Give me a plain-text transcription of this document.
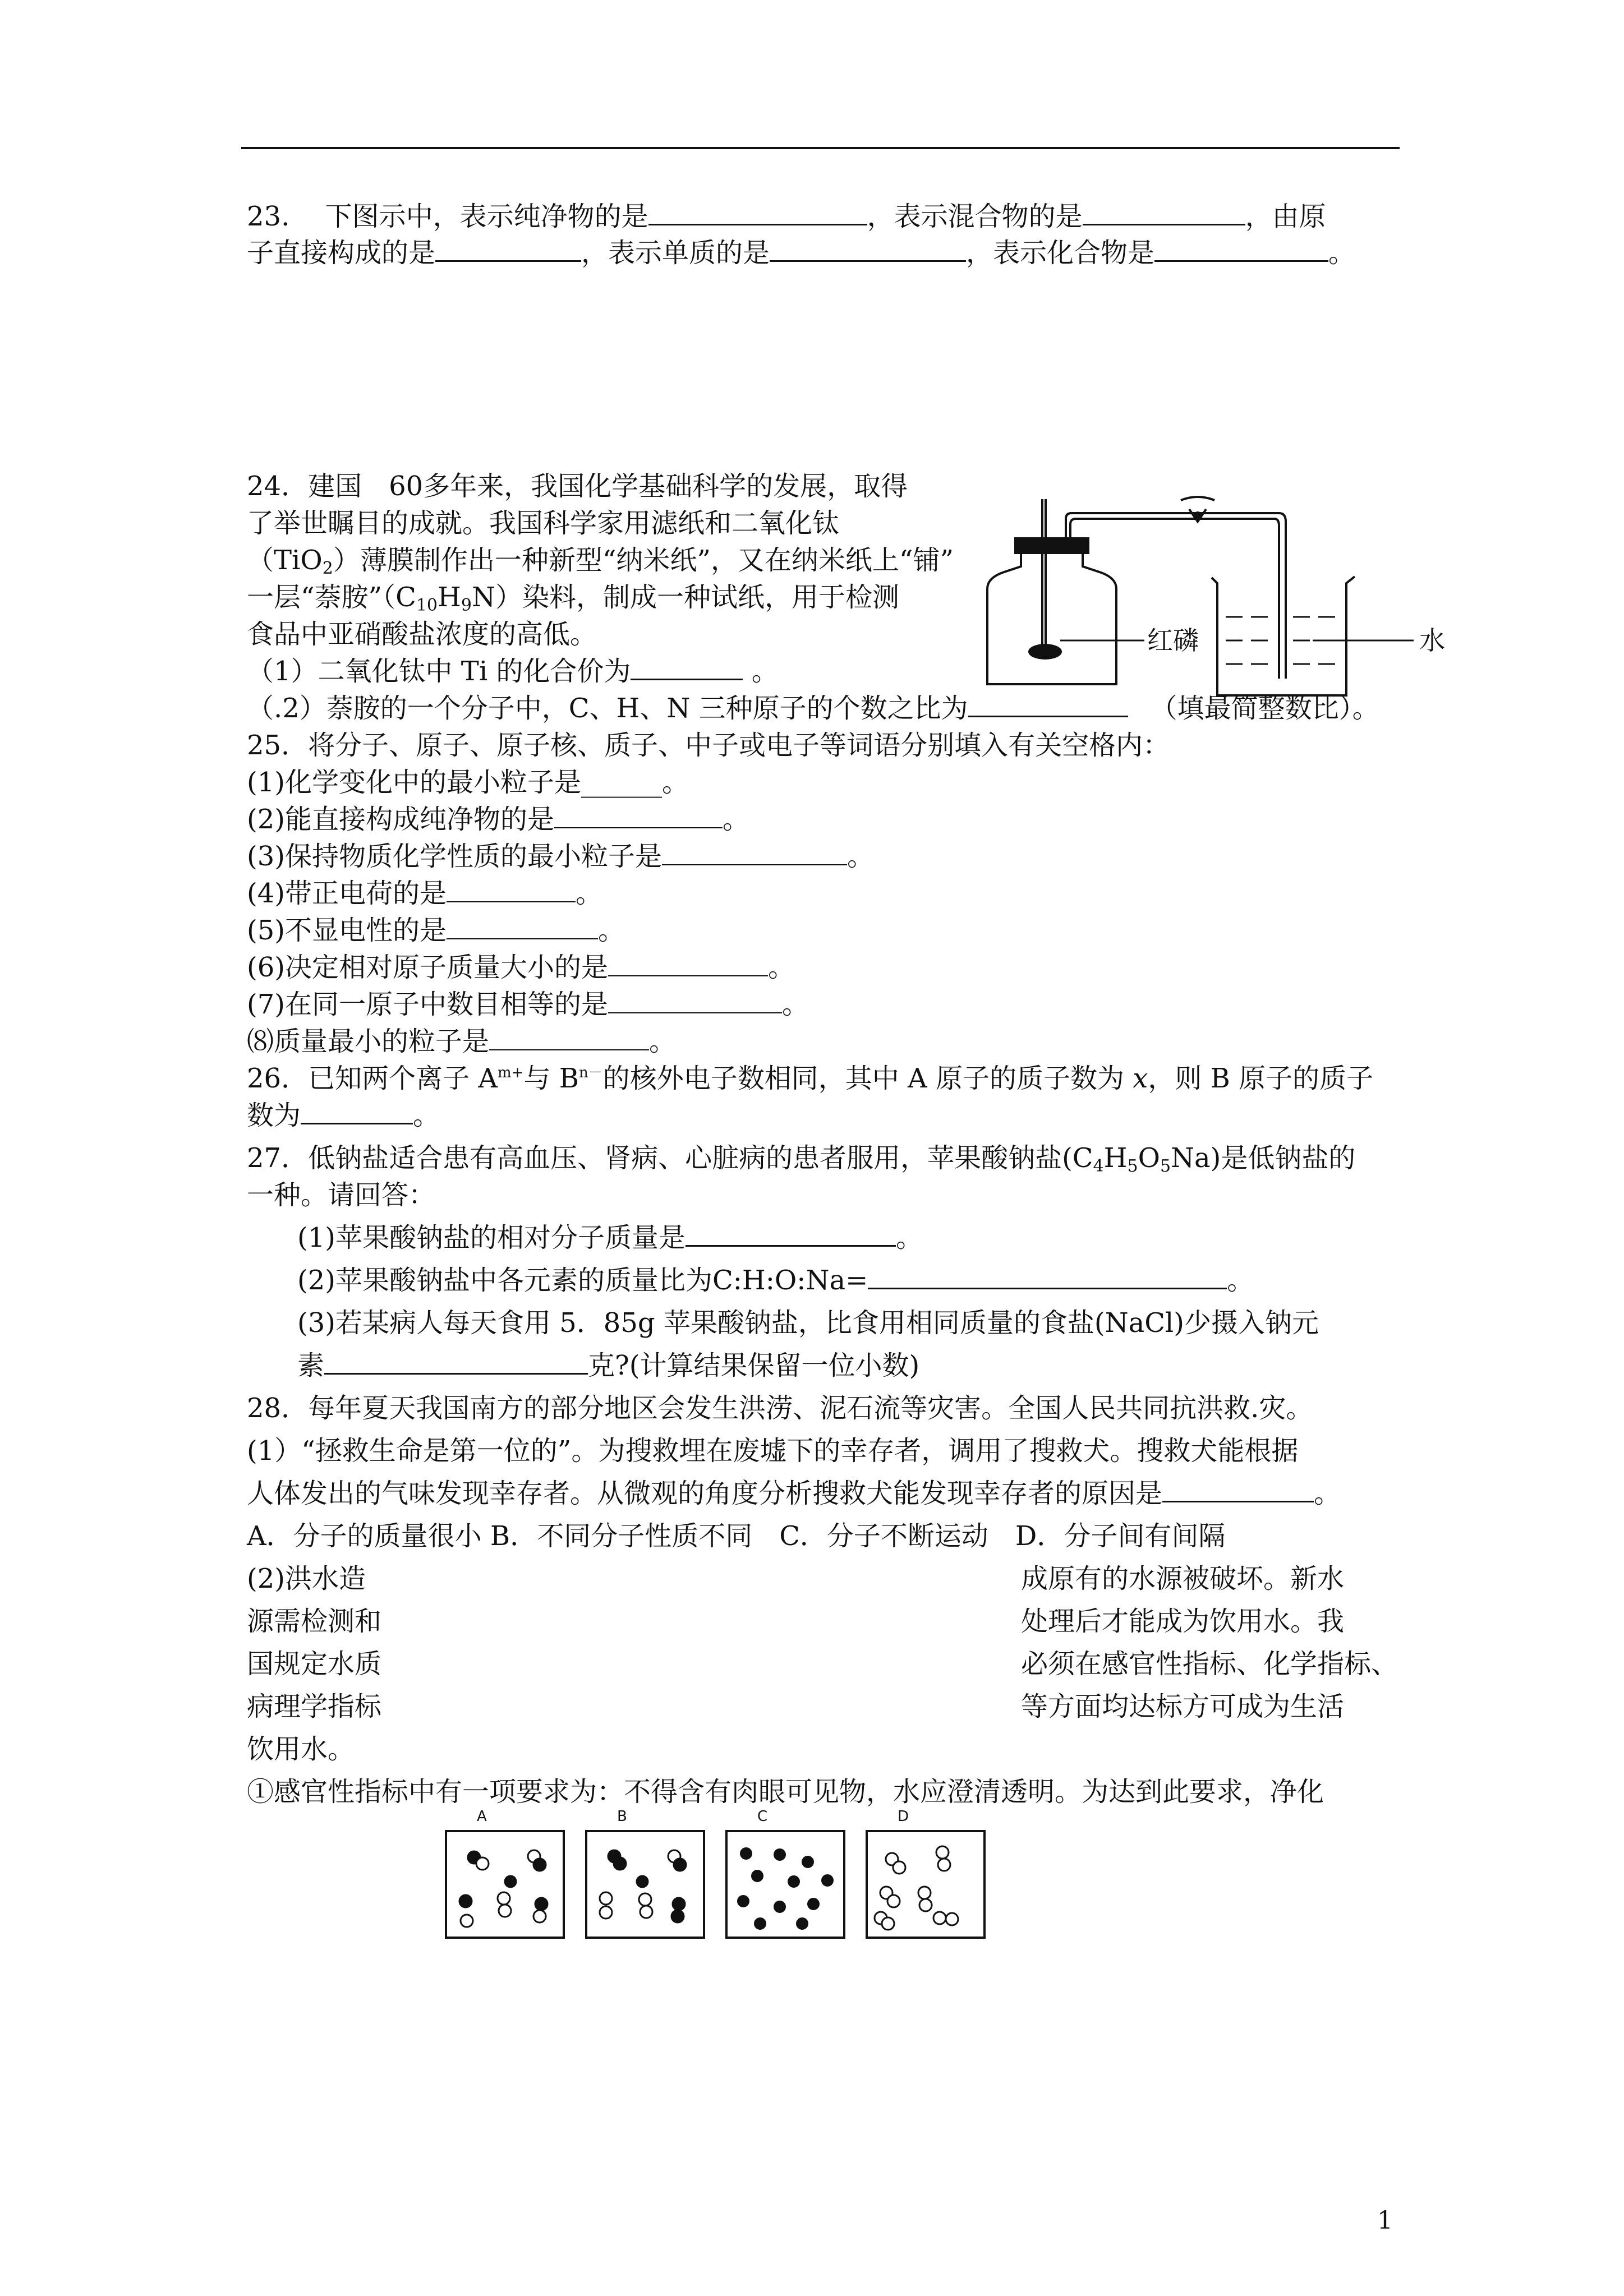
23.　 下图示中，表示纯净物的是	，表示混合物的是	，由原
子直接构成的是	，表示单质的是	，表示化合物是	。
24．建国　60多年来，我国化学基础科学的发展，取得
了举世瞩目的成就。我国科学家用滤纸和二氧化钛
（TiO$_2$）薄膜制作出一种新型“纳米纸”，又在纳米纸上“铺”
一层“萘胺$”(C_{10}H_9N)$染料，制成一种试纸，用于检测
食品中亚硝酸盐浓度的高低。
（1）二氧化钛中 Ti 的化合价为	。
（.2）萘胺的一个分子中，C、H、N 三种原子的个数之比为	（填最简整数比）。
红磷	水
25．将分子、原子、原子核、质子、中子或电子等词语分别填入有关空格内：
(1)化学变化中的最小粒子是______。
(2)能直接构成纯净物的是	。
(3)保持物质化学性质的最小粒子是	。
(4)带正电荷的是	。
(5)不显电性的是	。
(6)决定相对原子质量大小的是	。
(7)在同一原子中数目相等的是	。
⑻质量最小的粒子是	。
26．已知两个离子 $A^{m+}$与 $B^{n-}$的核外电子数相同，其中 A 原子的质子数为 x，则 B 原子的质子
数为	。
27．低钠盐适合患有高血压、肾病、心脏病的患者服用，苹果酸钠盐$(C_4H_5O_5Na)$是低钠盐的
一种。请回答：
(1)苹果酸钠盐的相对分子质量是	。
(2)苹果酸钠盐中各元素的质量比为C:H:O:Na=	。
(3)若某病人每天食用 5．85g 苹果酸钠盐，比食用相同质量的食盐(NaCl)少摄入钠元
素	克?(计算结果保留一位小数)
28．每年夏天我国南方的部分地区会发生洪涝、泥石流等灾害。全国人民共同抗洪救.灾。
(1）“拯救生命是第一位的”。为搜救埋在废墟下的幸存者，调用了搜救犬。搜救犬能根据
人体发出的气味发现幸存者。从微观的角度分析搜救犬能发现幸存者的原因是	。
A．分子的质量很小 B．不同分子性质不同　C．分子不断运动　D．分子间有间隔
(2)洪水造
源需检测和
国规定水质
病理学指标
饮用水。
成原有的水源被破坏。新水
处理后才能成为饮用水。我
必须在感官性指标、化学指标、
等方面均达标方可成为生活
A	B	C	D
①感官性指标中有一项要求为：不得含有肉眼可见物，水应澄清透明。为达到此要求，净化
1
